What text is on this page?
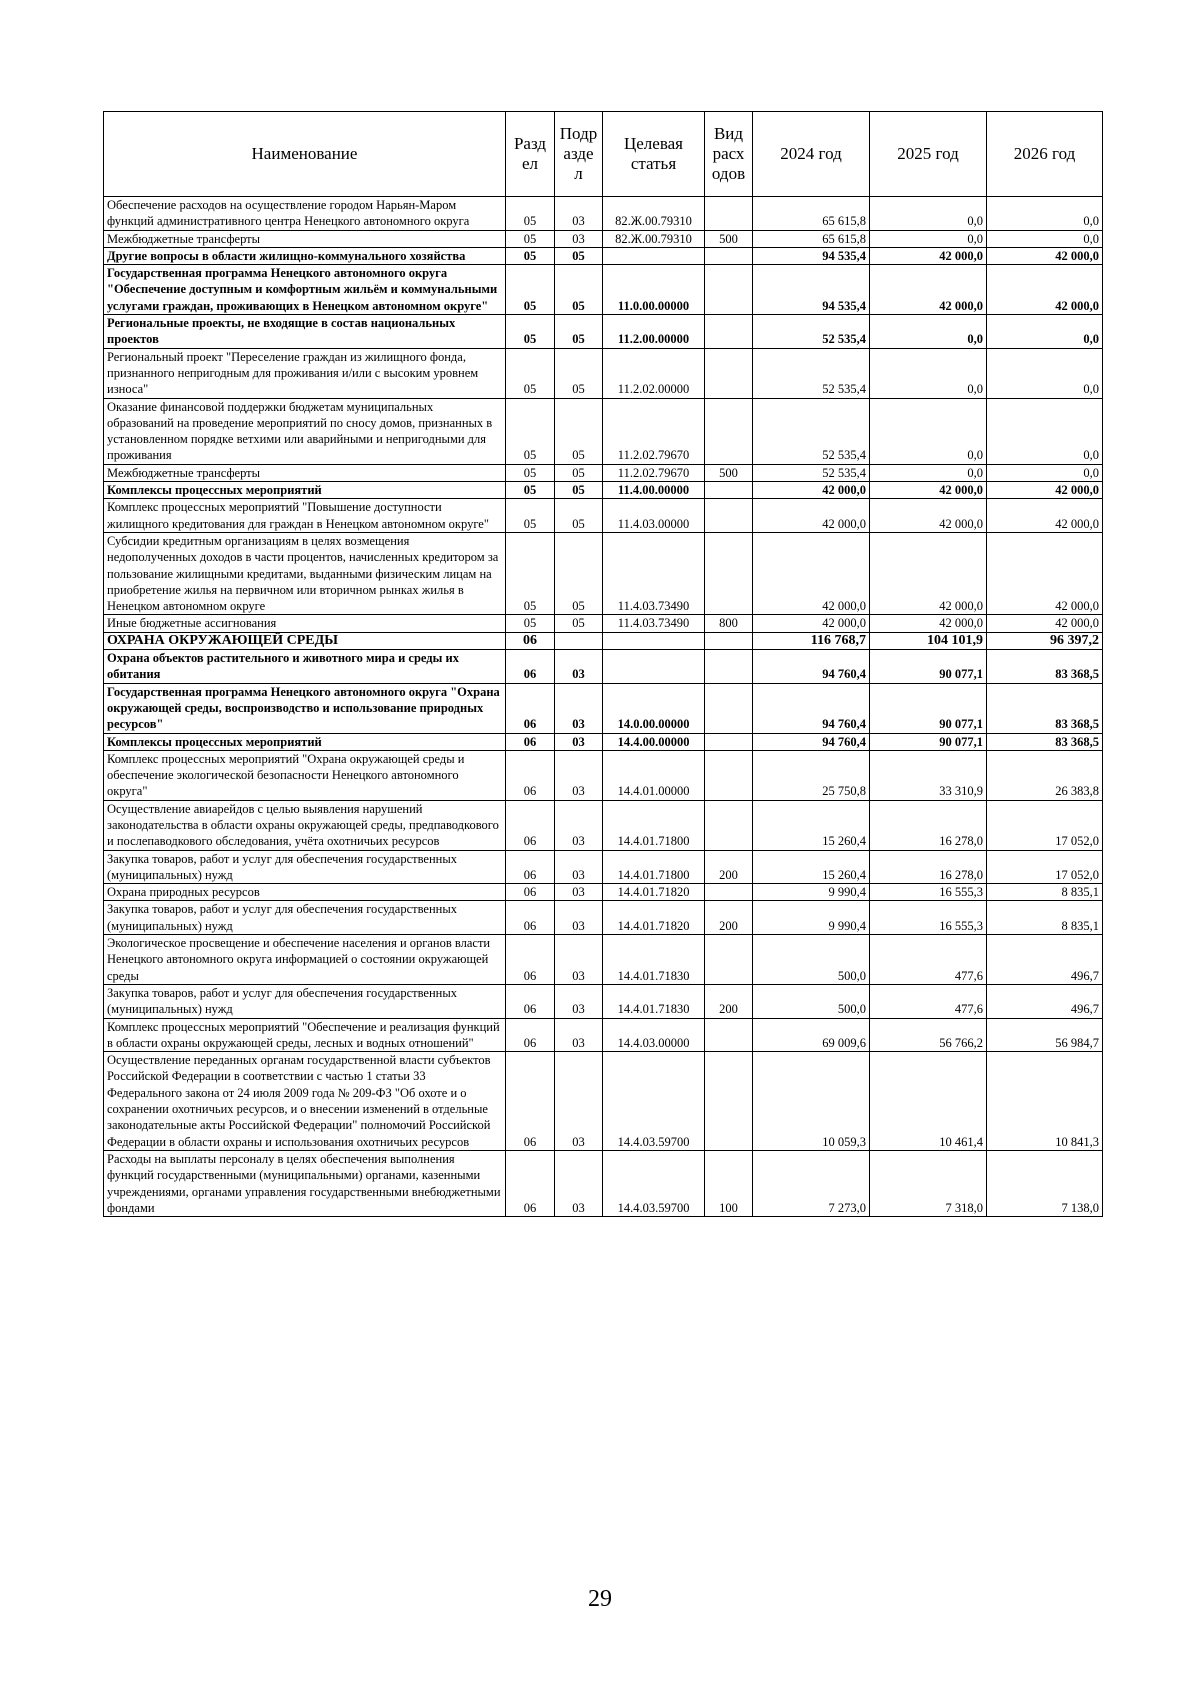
Наименование	Разд ел	Подр азде л	Целевая статья	Вид расх одов	2024 год	2025 год	2026 год
Обеспечение расходов на осуществление городом Нарьян-Маром функций административного центра Ненецкого автономного округа	05	03	82.Ж.00.79310		65 615,8	0,0	0,0
Межбюджетные трансферты	05	03	82.Ж.00.79310	500	65 615,8	0,0	0,0
Другие вопросы в области жилищно-коммунального хозяйства	05	05			94 535,4	42 000,0	42 000,0
Государственная программа Ненецкого автономного округа "Обеспечение доступным и комфортным жильём и коммунальными услугами граждан, проживающих в Ненецком автономном округе"	05	05	11.0.00.00000		94 535,4	42 000,0	42 000,0
Региональные проекты, не входящие в состав национальных проектов	05	05	11.2.00.00000		52 535,4	0,0	0,0
Региональный проект "Переселение граждан из жилищного фонда, признанного непригодным для проживания и/или с высоким уровнем износа"	05	05	11.2.02.00000		52 535,4	0,0	0,0
Оказание финансовой поддержки бюджетам муниципальных образований на проведение мероприятий по сносу домов, признанных в установленном порядке ветхими или аварийными и непригодными для проживания	05	05	11.2.02.79670		52 535,4	0,0	0,0
Межбюджетные трансферты	05	05	11.2.02.79670	500	52 535,4	0,0	0,0
Комплексы процессных мероприятий	05	05	11.4.00.00000		42 000,0	42 000,0	42 000,0
Комплекс процессных мероприятий "Повышение доступности жилищного кредитования для граждан в Ненецком автономном округе"	05	05	11.4.03.00000		42 000,0	42 000,0	42 000,0
Субсидии кредитным организациям в целях возмещения недополученных доходов в части процентов, начисленных кредитором за пользование жилищными кредитами, выданными физическим лицам на приобретение жилья на первичном или вторичном рынках жилья в Ненецком автономном округе	05	05	11.4.03.73490		42 000,0	42 000,0	42 000,0
Иные бюджетные ассигнования	05	05	11.4.03.73490	800	42 000,0	42 000,0	42 000,0
ОХРАНА ОКРУЖАЮЩЕЙ СРЕДЫ	06				116 768,7	104 101,9	96 397,2
Охрана объектов растительного и животного мира и среды их обитания	06	03			94 760,4	90 077,1	83 368,5
Государственная программа Ненецкого автономного округа "Охрана окружающей среды, воспроизводство и использование природных ресурсов"	06	03	14.0.00.00000		94 760,4	90 077,1	83 368,5
Комплексы процессных мероприятий	06	03	14.4.00.00000		94 760,4	90 077,1	83 368,5
Комплекс процессных мероприятий "Охрана окружающей среды и обеспечение экологической безопасности Ненецкого автономного округа"	06	03	14.4.01.00000		25 750,8	33 310,9	26 383,8
Осуществление авиарейдов с целью выявления нарушений законодательства в области охраны окружающей среды, предпаводкового и послепаводкового обследования, учёта охотничьих ресурсов	06	03	14.4.01.71800		15 260,4	16 278,0	17 052,0
Закупка товаров, работ и услуг для обеспечения государственных (муниципальных) нужд	06	03	14.4.01.71800	200	15 260,4	16 278,0	17 052,0
Охрана природных ресурсов	06	03	14.4.01.71820		9 990,4	16 555,3	8 835,1
Закупка товаров, работ и услуг для обеспечения государственных (муниципальных) нужд	06	03	14.4.01.71820	200	9 990,4	16 555,3	8 835,1
Экологическое просвещение и обеспечение населения и органов власти Ненецкого автономного округа информацией о состоянии окружающей среды	06	03	14.4.01.71830		500,0	477,6	496,7
Закупка товаров, работ и услуг для обеспечения государственных (муниципальных) нужд	06	03	14.4.01.71830	200	500,0	477,6	496,7
Комплекс процессных мероприятий "Обеспечение и реализация функций в области охраны окружающей среды, лесных и водных отношений"	06	03	14.4.03.00000		69 009,6	56 766,2	56 984,7
Осуществление переданных органам государственной власти субъектов Российской Федерации в соответствии с частью 1 статьи 33 Федерального закона от 24 июля 2009 года № 209-ФЗ "Об охоте и о сохранении охотничьих ресурсов, и о внесении изменений в отдельные законодательные акты Российской Федерации" полномочий Российской Федерации в области охраны и использования охотничьих ресурсов	06	03	14.4.03.59700		10 059,3	10 461,4	10 841,3
Расходы на выплаты персоналу в целях обеспечения выполнения функций государственными (муниципальными) органами, казенными учреждениями, органами управления государственными внебюджетными фондами	06	03	14.4.03.59700	100	7 273,0	7 318,0	7 138,0
29
